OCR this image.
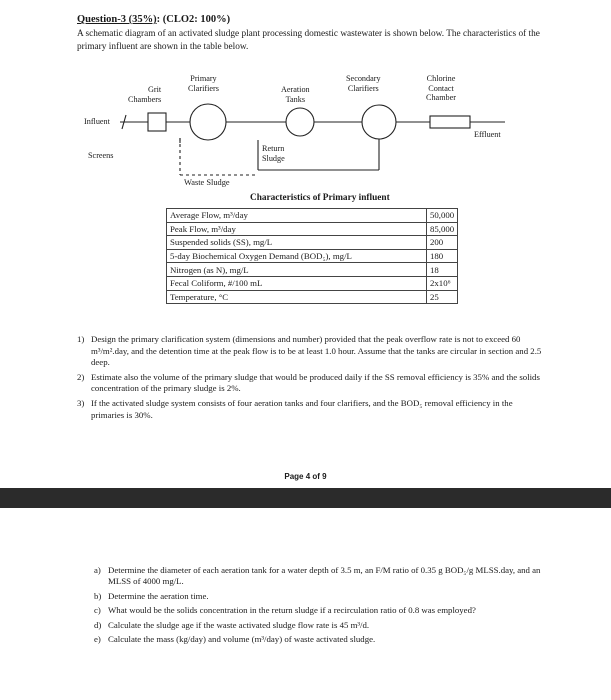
Question-3 (35%): (CLO2: 100%)
A schematic diagram of an activated sludge plant processing domestic wastewater is shown below. The characteristics of the primary influent are shown in the table below.
Influent
Screens
Grit
Chambers
Primary
Clarifiers	Aeration
Tanks
Secondary
Clarifiers
Chlorine
Contact
Chamber
Effluent
Return
Sludge
Waste Sludge
Characteristics of Primary influent
Average Flow, m³/day	50,000
Peak Flow, m³/day	85,000
Suspended solids (SS), mg/L	200
5-day Biochemical Oxygen Demand (BOD₅), mg/L	180
Nitrogen (as N), mg/L	18
Fecal Coliform, #/100 mL	2x10⁶
Temperature, °C	25
1) Design the primary clarification system (dimensions and number) provided that the peak overflow rate is not to exceed 60 m³/m².day, and the detention time at the peak flow is to be at least 1.0 hour. Assume that the tanks are circular in section and 2.5 deep.
2) Estimate also the volume of the primary sludge that would be produced daily if the SS removal efficiency is 35% and the solids concentration of the primary sludge is 2%.
3) If the activated sludge system consists of four aeration tanks and four clarifiers, and the BOD₅ removal efficiency in the primaries is 30%.
Page 4 of 9
a) Determine the diameter of each aeration tank for a water depth of 3.5 m, an F/M ratio of 0.35 g BOD₅/g MLSS.day, and an MLSS of 4000 mg/L.
b) Determine the aeration time.
c) What would be the solids concentration in the return sludge if a recirculation ratio of 0.8 was employed?
d) Calculate the sludge age if the waste activated sludge flow rate is 45 m³/d.
e) Calculate the mass (kg/day) and volume (m³/day) of waste activated sludge.
